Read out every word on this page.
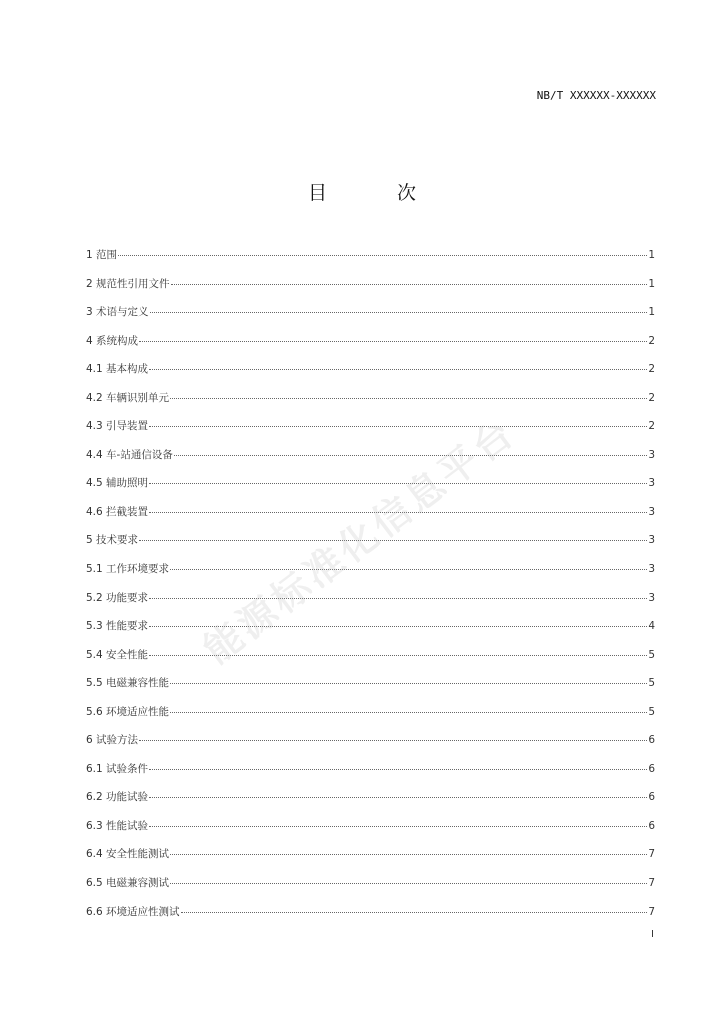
NB/T XXXXXX-XXXXXX
目	次
1 范围	1
2 规范性引用文件	1
3 术语与定义	1
4 系统构成	2
4.1 基本构成	2
4.2 车辆识别单元	2
4.3 引导装置	2
4.4 车-站通信设备	3
4.5 辅助照明	3
4.6 拦截装置	3
5 技术要求	3
5.1 工作环境要求	3
5.2 功能要求	3
5.3 性能要求	4
5.4 安全性能	5
5.5 电磁兼容性能	5
5.6 环境适应性能	5
6 试验方法	6
6.1 试验条件	6
6.2 功能试验	6
6.3 性能试验	6
6.4 安全性能测试	7
6.5 电磁兼容测试	7
6.6 环境适应性测试	7
I
能源标准化信息平台
